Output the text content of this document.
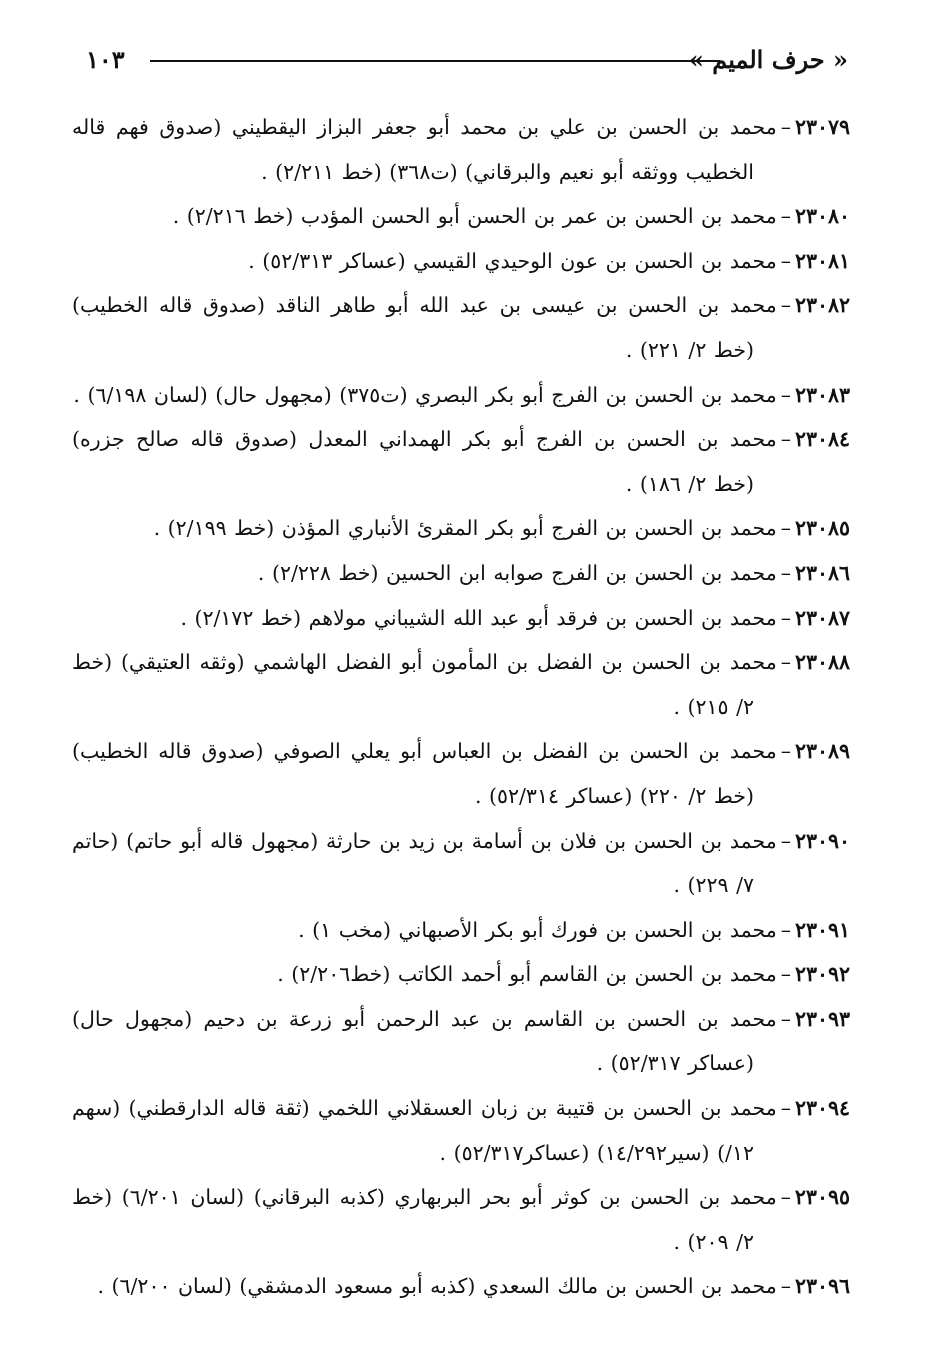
« حرف الميم »
١٠٣

٢٣٠٧٩–محمد بن الحسن بن علي بن محمد أبو جعفر البزاز اليقطيني (صدوق فهم قاله الخطيب ووثقه أبو نعيم والبرقاني) (ت٣٦٨) (خط ٢/٢١١) .

٢٣٠٨٠–محمد بن الحسن بن عمر بن الحسن أبو الحسن المؤدب (خط ٢/٢١٦) .

٢٣٠٨١–محمد بن الحسن بن عون الوحيدي القيسي (عساكر ٥٢/٣١٣) .

٢٣٠٨٢–محمد بن الحسن بن عيسى بن عبد الله أبو طاهر الناقد (صدوق قاله الخطيب) (خط ٢/ ٢٢١) .

٢٣٠٨٣–محمد بن الحسن بن الفرج أبو بكر البصري (ت٣٧٥) (مجهول حال) (لسان ٦/١٩٨) .

٢٣٠٨٤–محمد بن الحسن بن الفرج أبو بكر الهمداني المعدل (صدوق قاله صالح جزره) (خط ٢/ ١٨٦) .

٢٣٠٨٥–محمد بن الحسن بن الفرج أبو بكر المقرئ الأنباري المؤذن (خط ٢/١٩٩) .

٢٣٠٨٦–محمد بن الحسن بن الفرج صوابه ابن الحسين (خط ٢/٢٢٨) .

٢٣٠٨٧–محمد بن الحسن بن فرقد أبو عبد الله الشيباني مولاهم (خط ٢/١٧٢) .

٢٣٠٨٨–محمد بن الحسن بن الفضل بن المأمون أبو الفضل الهاشمي (وثقه العتيقي) (خط ٢/ ٢١٥) .

٢٣٠٨٩–محمد بن الحسن بن الفضل بن العباس أبو يعلي الصوفي (صدوق قاله الخطيب) (خط ٢/ ٢٢٠) (عساكر ٥٢/٣١٤) .

٢٣٠٩٠–محمد بن الحسن بن فلان بن أسامة بن زيد بن حارثة (مجهول قاله أبو حاتم) (حاتم ٧/ ٢٢٩) .

٢٣٠٩١–محمد بن الحسن بن فورك أبو بكر الأصبهاني (مخب ١) .

٢٣٠٩٢–محمد بن الحسن بن القاسم أبو أحمد الكاتب (خط٢/٢٠٦) .

٢٣٠٩٣–محمد بن الحسن بن القاسم بن عبد الرحمن أبو زرعة بن دحيم (مجهول حال) (عساكر ٥٢/٣١٧) .

٢٣٠٩٤–محمد بن الحسن بن قتيبة بن زبان العسقلاني اللخمي (ثقة قاله الدارقطني) (سهم ١٢/) (سير١٤/٢٩٢) (عساكر٥٢/٣١٧) .

٢٣٠٩٥–محمد بن الحسن بن كوثر أبو بحر البربهاري (كذبه البرقاني) (لسان ٦/٢٠١) (خط ٢/ ٢٠٩) .

٢٣٠٩٦–محمد بن الحسن بن مالك السعدي (كذبه أبو مسعود الدمشقي) (لسان ٦/٢٠٠) .
